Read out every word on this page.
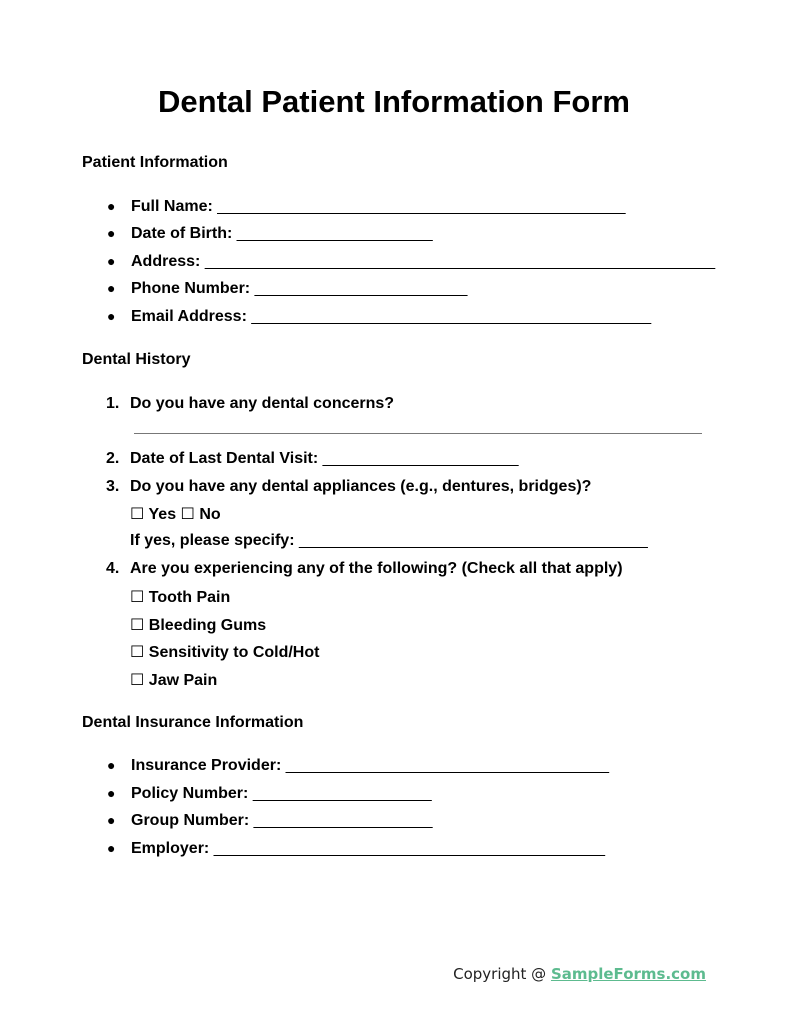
Dental Patient Information Form
Patient Information
● Full Name: ________________________________________________
● Date of Birth: _______________________
● Address: ____________________________________________________________
● Phone Number: _________________________
● Email Address: _______________________________________________
Dental History
1. Do you have any dental concerns?
2. Date of Last Dental Visit: _______________________
3. Do you have any dental appliances (e.g., dentures, bridges)?
☐ Yes ☐ No
If yes, please specify: _________________________________________
4. Are you experiencing any of the following? (Check all that apply)
☐ Tooth Pain
☐ Bleeding Gums
☐ Sensitivity to Cold/Hot
☐ Jaw Pain
Dental Insurance Information
● Insurance Provider: ______________________________________
● Policy Number: _____________________
● Group Number: _____________________
● Employer: ______________________________________________
Copyright @ SampleForms.com
